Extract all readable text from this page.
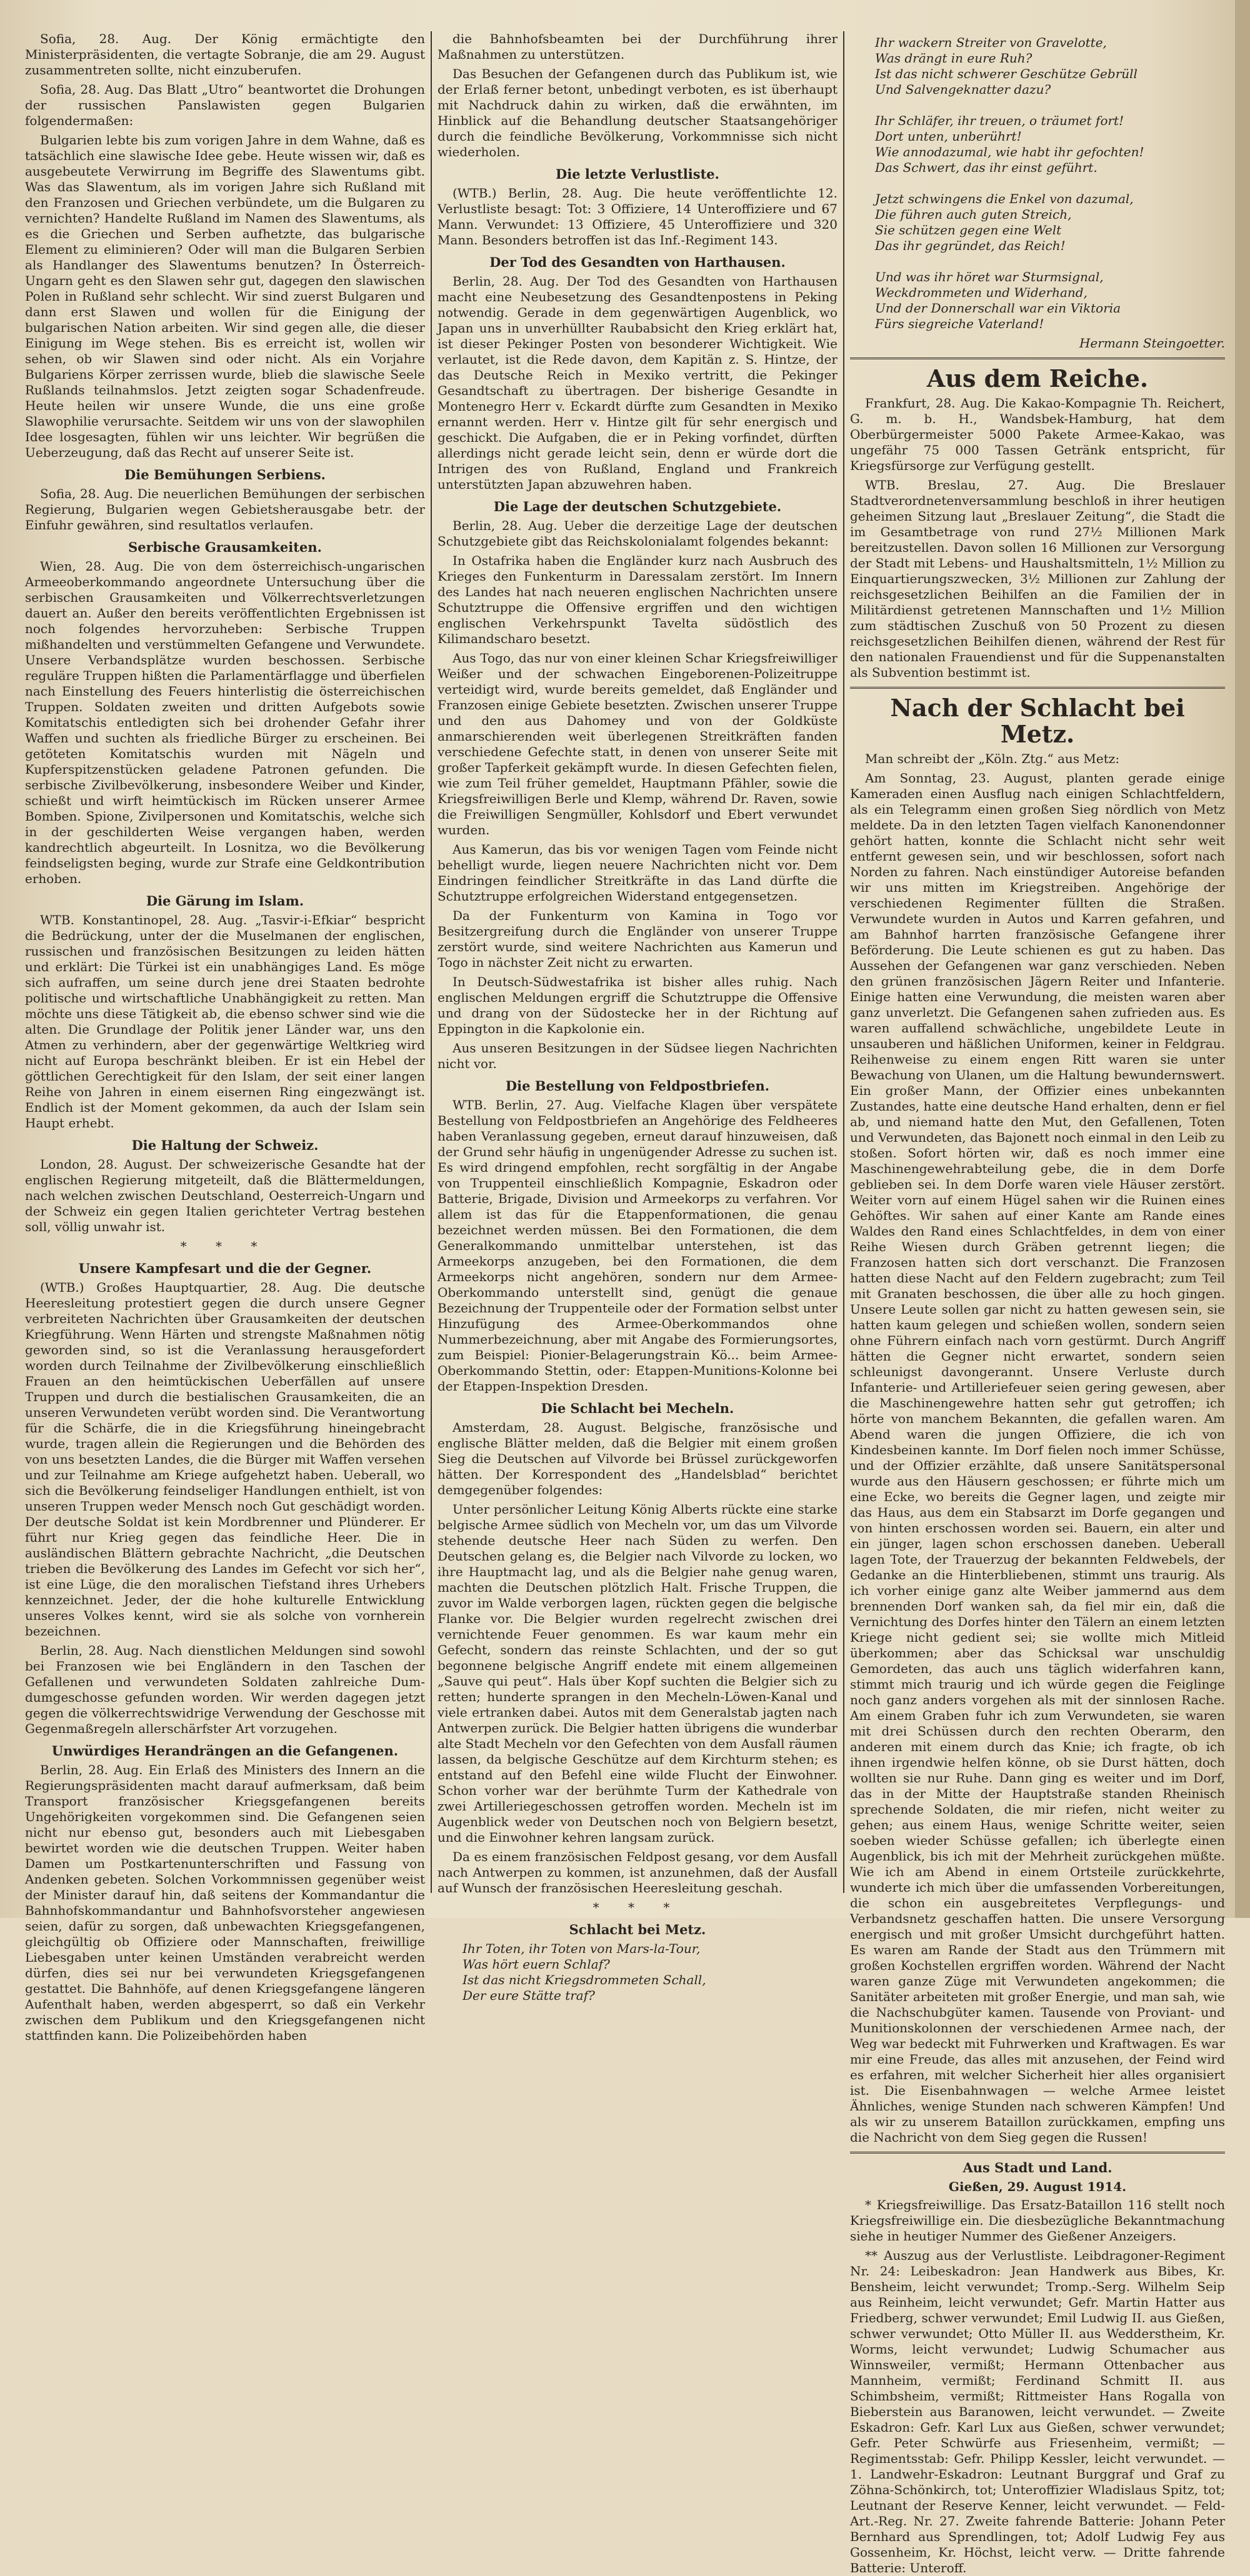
Sofia, 28. Aug. Der König ermächtigte den Ministerpräsidenten, die vertagte Sobranje, die am 29. August zusammentreten sollte, nicht einzuberufen.

Sofia, 28. Aug. Das Blatt „Utro“ beantwortet die Drohungen der russischen Panslawisten gegen Bulgarien folgendermaßen:

Bulgarien lebte bis zum vorigen Jahre in dem Wahne, daß es tatsächlich eine slawische Idee gebe. Heute wissen wir, daß es ausgebeutete Verwirrung im Begriffe des Slawentums gibt. Was das Slawentum, als im vorigen Jahre sich Rußland mit den Franzosen und Griechen verbündete, um die Bulgaren zu vernichten? Handelte Rußland im Namen des Slawentums, als es die Griechen und Serben aufhetzte, das bulgarische Element zu eliminieren? Oder will man die Bulgaren Serbien als Handlanger des Slawentums benutzen? In Österreich-Ungarn geht es den Slawen sehr gut, dagegen den slawischen Polen in Rußland sehr schlecht. Wir sind zuerst Bulgaren und dann erst Slawen und wollen für die Einigung der bulgarischen Nation arbeiten. Wir sind gegen alle, die dieser Einigung im Wege stehen. Bis es erreicht ist, wollen wir sehen, ob wir Slawen sind oder nicht. Als ein Vorjahre Bulgariens Körper zerrissen wurde, blieb die slawische Seele Rußlands teilnahmslos. Jetzt zeigten sogar Schadenfreude. Heute heilen wir unsere Wunde, die uns eine große Slawophilie verursachte. Seitdem wir uns von der slawophilen Idee losgesagten, fühlen wir uns leichter. Wir begrüßen die Ueberzeugung, daß das Recht auf unserer Seite ist.

Die Bemühungen Serbiens.

Sofia, 28. Aug. Die neuerlichen Bemühungen der serbischen Regierung, Bulgarien wegen Gebietsherausgabe betr. der Einfuhr gewähren, sind resultatlos verlaufen.

Serbische Grausamkeiten.

Wien, 28. Aug. Die von dem österreichisch-ungarischen Armeeoberkommando angeordnete Untersuchung über die serbischen Grausamkeiten und Völkerrechtsverletzungen dauert an. Außer den bereits veröffentlichten Ergebnissen ist noch folgendes hervorzuheben: Serbische Truppen mißhandelten und verstümmelten Gefangene und Verwundete. Unsere Verbandsplätze wurden beschossen. Serbische reguläre Truppen hißten die Parlamentärflagge und überfielen nach Einstellung des Feuers hinterlistig die österreichischen Truppen. Soldaten zweiten und dritten Aufgebots sowie Komitatschis entledigten sich bei drohender Gefahr ihrer Waffen und suchten als friedliche Bürger zu erscheinen. Bei getöteten Komitatschis wurden mit Nägeln und Kupferspitzenstücken geladene Patronen gefunden. Die serbische Zivilbevölkerung, insbesondere Weiber und Kinder, schießt und wirft heimtückisch im Rücken unserer Armee Bomben. Spione, Zivilpersonen und Komitatschis, welche sich in der geschilderten Weise vergangen haben, werden kandrechtlich abgeurteilt. In Losnitza, wo die Bevölkerung feindseligsten beging, wurde zur Strafe eine Geldkontribution erhoben.

Die Gärung im Islam.

WTB. Konstantinopel, 28. Aug. „Tasvir-i-Efkiar“ bespricht die Bedrückung, unter der die Muselmanen der englischen, russischen und französischen Besitzungen zu leiden hätten und erklärt: Die Türkei ist ein unabhängiges Land. Es möge sich aufraffen, um seine durch jene drei Staaten bedrohte politische und wirtschaftliche Unabhängigkeit zu retten. Man möchte uns diese Tätigkeit ab, die ebenso schwer sind wie die alten. Die Grundlage der Politik jener Länder war, uns den Atmen zu verhindern, aber der gegenwärtige Weltkrieg wird nicht auf Europa beschränkt bleiben. Er ist ein Hebel der göttlichen Gerechtigkeit für den Islam, der seit einer langen Reihe von Jahren in einem eisernen Ring eingezwängt ist. Endlich ist der Moment gekommen, da auch der Islam sein Haupt erhebt.

Die Haltung der Schweiz.

London, 28. August. Der schweizerische Gesandte hat der englischen Regierung mitgeteilt, daß die Blättermeldungen, nach welchen zwischen Deutschland, Oesterreich-Ungarn und der Schweiz ein gegen Italien gerichteter Vertrag bestehen soll, völlig unwahr ist.

* * *
Unsere Kampfesart und die der Gegner.

(WTB.) Großes Hauptquartier, 28. Aug. Die deutsche Heeresleitung protestiert gegen die durch unsere Gegner verbreiteten Nachrichten über Grausamkeiten der deutschen Kriegführung. Wenn Härten und strengste Maßnahmen nötig geworden sind, so ist die Veranlassung herausgefordert worden durch Teilnahme der Zivilbevölkerung einschließlich Frauen an den heimtückischen Ueberfällen auf unsere Truppen und durch die bestialischen Grausamkeiten, die an unseren Verwundeten verübt worden sind. Die Verantwortung für die Schärfe, die in die Kriegsführung hineingebracht wurde, tragen allein die Regierungen und die Behörden des von uns besetzten Landes, die die Bürger mit Waffen versehen und zur Teilnahme am Kriege aufgehetzt haben. Ueberall, wo sich die Bevölkerung feindseliger Handlungen enthielt, ist von unseren Truppen weder Mensch noch Gut geschädigt worden. Der deutsche Soldat ist kein Mordbrenner und Plünderer. Er führt nur Krieg gegen das feindliche Heer. Die in ausländischen Blättern gebrachte Nachricht, „die Deutschen trieben die Bevölkerung des Landes im Gefecht vor sich her“, ist eine Lüge, die den moralischen Tiefstand ihres Urhebers kennzeichnet. Jeder, der die hohe kulturelle Entwicklung unseres Volkes kennt, wird sie als solche von vornherein bezeichnen.

Berlin, 28. Aug. Nach dienstlichen Meldungen sind sowohl bei Franzosen wie bei Engländern in den Taschen der Gefallenen und verwundeten Soldaten zahlreiche Dum-dumgeschosse gefunden worden. Wir werden dagegen jetzt gegen die völkerrechtswidrige Verwendung der Geschosse mit Gegenmaßregeln allerschärfster Art vorzugehen.

Unwürdiges Herandrängen an die Gefangenen.

Berlin, 28. Aug. Ein Erlaß des Ministers des Innern an die Regierungspräsidenten macht darauf aufmerksam, daß beim Transport französischer Kriegsgefangenen bereits Ungehörigkeiten vorgekommen sind. Die Gefangenen seien nicht nur ebenso gut, besonders auch mit Liebesgaben bewirtet worden wie die deutschen Truppen. Weiter haben Damen um Postkartenunterschriften und Fassung von Andenken gebeten. Solchen Vorkommnissen gegenüber weist der Minister darauf hin, daß seitens der Kommandantur die Bahnhofskommandantur und Bahnhofsvorsteher angewiesen seien, dafür zu sorgen, daß unbewachten Kriegsgefangenen, gleichgültig ob Offiziere oder Mannschaften, freiwillige Liebesgaben unter keinen Umständen verabreicht werden dürfen, dies sei nur bei verwundeten Kriegsgefangenen gestattet. Die Bahnhöfe, auf denen Kriegsgefangene längeren Aufenthalt haben, werden abgesperrt, so daß ein Verkehr zwischen dem Publikum und den Kriegsgefangenen nicht stattfinden kann. Die Polizeibehörden haben

die Bahnhofsbeamten bei der Durchführung ihrer Maßnahmen zu unterstützen.

Das Besuchen der Gefangenen durch das Publikum ist, wie der Erlaß ferner betont, unbedingt verboten, es ist überhaupt mit Nachdruck dahin zu wirken, daß die erwähnten, im Hinblick auf die Behandlung deutscher Staatsangehöriger durch die feindliche Bevölkerung, Vorkommnisse sich nicht wiederholen.

Die letzte Verlustliste.

(WTB.) Berlin, 28. Aug. Die heute veröffentlichte 12. Verlustliste besagt: Tot: 3 Offiziere, 14 Unteroffiziere und 67 Mann. Verwundet: 13 Offiziere, 45 Unteroffiziere und 320 Mann. Besonders betroffen ist das Inf.-Regiment 143.

Der Tod des Gesandten von Harthausen.

Berlin, 28. Aug. Der Tod des Gesandten von Harthausen macht eine Neubesetzung des Gesandtenpostens in Peking notwendig. Gerade in dem gegenwärtigen Augenblick, wo Japan uns in unverhüllter Raubabsicht den Krieg erklärt hat, ist dieser Pekinger Posten von besonderer Wichtigkeit. Wie verlautet, ist die Rede davon, dem Kapitän z. S. Hintze, der das Deutsche Reich in Mexiko vertritt, die Pekinger Gesandtschaft zu übertragen. Der bisherige Gesandte in Montenegro Herr v. Eckardt dürfte zum Gesandten in Mexiko ernannt werden. Herr v. Hintze gilt für sehr energisch und geschickt. Die Aufgaben, die er in Peking vorfindet, dürften allerdings nicht gerade leicht sein, denn er würde dort die Intrigen des von Rußland, England und Frankreich unterstützten Japan abzuwehren haben.

Die Lage der deutschen Schutzgebiete.

Berlin, 28. Aug. Ueber die derzeitige Lage der deutschen Schutzgebiete gibt das Reichskolonialamt folgendes bekannt:

In Ostafrika haben die Engländer kurz nach Ausbruch des Krieges den Funkenturm in Daressalam zerstört. Im Innern des Landes hat nach neueren englischen Nachrichten unsere Schutztruppe die Offensive ergriffen und den wichtigen englischen Verkehrspunkt Tavelta südöstlich des Kilimandscharo besetzt.

Aus Togo, das nur von einer kleinen Schar Kriegsfreiwilliger Weißer und der schwachen Eingeborenen-Polizeitruppe verteidigt wird, wurde bereits gemeldet, daß Engländer und Franzosen einige Gebiete besetzten. Zwischen unserer Truppe und den aus Dahomey und von der Goldküste anmarschierenden weit überlegenen Streitkräften fanden verschiedene Gefechte statt, in denen von unserer Seite mit großer Tapferkeit gekämpft wurde. In diesen Gefechten fielen, wie zum Teil früher gemeldet, Hauptmann Pfähler, sowie die Kriegsfreiwilligen Berle und Klemp, während Dr. Raven, sowie die Freiwilligen Sengmüller, Kohlsdorf und Ebert verwundet wurden.

Aus Kamerun, das bis vor wenigen Tagen vom Feinde nicht behelligt wurde, liegen neuere Nachrichten nicht vor. Dem Eindringen feindlicher Streitkräfte in das Land dürfte die Schutztruppe erfolgreichen Widerstand entgegensetzen.

Da der Funkenturm von Kamina in Togo vor Besitzergreifung durch die Engländer von unserer Truppe zerstört wurde, sind weitere Nachrichten aus Kamerun und Togo in nächster Zeit nicht zu erwarten.

In Deutsch-Südwestafrika ist bisher alles ruhig. Nach englischen Meldungen ergriff die Schutztruppe die Offensive und drang von der Südostecke her in der Richtung auf Eppington in die Kapkolonie ein.

Aus unseren Besitzungen in der Südsee liegen Nachrichten nicht vor.

Die Bestellung von Feldpostbriefen.

WTB. Berlin, 27. Aug. Vielfache Klagen über verspätete Bestellung von Feldpostbriefen an Angehörige des Feldheeres haben Veranlassung gegeben, erneut darauf hinzuweisen, daß der Grund sehr häufig in ungenügender Adresse zu suchen ist. Es wird dringend empfohlen, recht sorgfältig in der Angabe von Truppenteil einschließlich Kompagnie, Eskadron oder Batterie, Brigade, Division und Armeekorps zu verfahren. Vor allem ist das für die Etappenformationen, die genau bezeichnet werden müssen. Bei den Formationen, die dem Generalkommando unmittelbar unterstehen, ist das Armeekorps anzugeben, bei den Formationen, die dem Armeekorps nicht angehören, sondern nur dem Armee-Oberkommando unterstellt sind, genügt die genaue Bezeichnung der Truppenteile oder der Formation selbst unter Hinzufügung des Armee-Oberkommandos ohne Nummerbezeichnung, aber mit Angabe des Formierungsortes, zum Beispiel: Pionier-Belagerungstrain Kö... beim Armee-Oberkommando Stettin, oder: Etappen-Munitions-Kolonne bei der Etappen-Inspektion Dresden.

Die Schlacht bei Mecheln.

Amsterdam, 28. August. Belgische, französische und englische Blätter melden, daß die Belgier mit einem großen Sieg die Deutschen auf Vilvorde bei Brüssel zurückgeworfen hätten. Der Korrespondent des „Handelsblad“ berichtet demgegenüber folgendes:

Unter persönlicher Leitung König Alberts rückte eine starke belgische Armee südlich von Mecheln vor, um das um Vilvorde stehende deutsche Heer nach Süden zu werfen. Den Deutschen gelang es, die Belgier nach Vilvorde zu locken, wo ihre Hauptmacht lag, und als die Belgier nahe genug waren, machten die Deutschen plötzlich Halt. Frische Truppen, die zuvor im Walde verborgen lagen, rückten gegen die belgische Flanke vor. Die Belgier wurden regelrecht zwischen drei vernichtende Feuer genommen. Es war kaum mehr ein Gefecht, sondern das reinste Schlachten, und der so gut begonnene belgische Angriff endete mit einem allgemeinen „Sauve qui peut“. Hals über Kopf suchten die Belgier sich zu retten; hunderte sprangen in den Mecheln-Löwen-Kanal und viele ertranken dabei. Autos mit dem Generalstab jagten nach Antwerpen zurück. Die Belgier hatten übrigens die wunderbar alte Stadt Mecheln vor den Gefechten von dem Ausfall räumen lassen, da belgische Geschütze auf dem Kirchturm stehen; es entstand auf den Befehl eine wilde Flucht der Einwohner. Schon vorher war der berühmte Turm der Kathedrale von zwei Artilleriegeschossen getroffen worden. Mecheln ist im Augenblick weder von Deutschen noch von Belgiern besetzt, und die Einwohner kehren langsam zurück.

Da es einem französischen Feldpost gesang, vor dem Ausfall nach Antwerpen zu kommen, ist anzunehmen, daß der Ausfall auf Wunsch der französischen Heeresleitung geschah.

* * *
Schlacht bei Metz.
Ihr Toten, ihr Toten von Mars-la-Tour,
Was hört euern Schlaf?
Ist das nicht Kriegsdrommeten Schall,
Der eure Stätte traf?
Ihr wackern Streiter von Gravelotte,
Was drängt in eure Ruh?
Ist das nicht schwerer Geschütze Gebrüll
Und Salvengeknatter dazu?

Ihr Schläfer, ihr treuen, o träumet fort!
Dort unten, unberührt!
Wie annodazumal, wie habt ihr gefochten!
Das Schwert, das ihr einst geführt.

Jetzt schwingens die Enkel von dazumal,
Die führen auch guten Streich,
Sie schützen gegen eine Welt
Das ihr gegründet, das Reich!

Und was ihr höret war Sturmsignal,
Weckdrommeten und Widerhand,
Und der Donnerschall war ein Viktoria
Fürs siegreiche Vaterland!
Hermann Steingoetter.
Aus dem Reiche.

Frankfurt, 28. Aug. Die Kakao-Kompagnie Th. Reichert, G. m. b. H., Wandsbek-Hamburg, hat dem Oberbürgermeister 5000 Pakete Armee-Kakao, was ungefähr 75 000 Tassen Getränk entspricht, für Kriegsfürsorge zur Verfügung gestellt.

WTB. Breslau, 27. Aug. Die Breslauer Stadtverordnetenversammlung beschloß in ihrer heutigen geheimen Sitzung laut „Breslauer Zeitung“, die Stadt die im Gesamtbetrage von rund 27½ Millionen Mark bereitzustellen. Davon sollen 16 Millionen zur Versorgung der Stadt mit Lebens- und Haushaltsmitteln, 1½ Million zu Einquartierungszwecken, 3½ Millionen zur Zahlung der reichsgesetzlichen Beihilfen an die Familien der in Militärdienst getretenen Mannschaften und 1½ Million zum städtischen Zuschuß von 50 Prozent zu diesen reichsgesetzlichen Beihilfen dienen, während der Rest für den nationalen Frauendienst und für die Suppenanstalten als Subvention bestimmt ist.

Nach der Schlacht bei Metz.

Man schreibt der „Köln. Ztg.“ aus Metz:

Am Sonntag, 23. August, planten gerade einige Kameraden einen Ausflug nach einigen Schlachtfeldern, als ein Telegramm einen großen Sieg nördlich von Metz meldete. Da in den letzten Tagen vielfach Kanonendonner gehört hatten, konnte die Schlacht nicht sehr weit entfernt gewesen sein, und wir beschlossen, sofort nach Norden zu fahren. Nach einstündiger Autoreise befanden wir uns mitten im Kriegstreiben. Angehörige der verschiedenen Regimenter füllten die Straßen. Verwundete wurden in Autos und Karren gefahren, und am Bahnhof harrten französische Gefangene ihrer Beförderung. Die Leute schienen es gut zu haben. Das Aussehen der Gefangenen war ganz verschieden. Neben den grünen französischen Jägern Reiter und Infanterie. Einige hatten eine Verwundung, die meisten waren aber ganz unverletzt. Die Gefangenen sahen zufrieden aus. Es waren auffallend schwächliche, ungebildete Leute in unsauberen und häßlichen Uniformen, keiner in Feldgrau. Reihenweise zu einem engen Ritt waren sie unter Bewachung von Ulanen, um die Haltung bewundernswert. Ein großer Mann, der Offizier eines unbekannten Zustandes, hatte eine deutsche Hand erhalten, denn er fiel ab, und niemand hatte den Mut, den Gefallenen, Toten und Verwundeten, das Bajonett noch einmal in den Leib zu stoßen. Sofort hörten wir, daß es noch immer eine Maschinengewehrabteilung gebe, die in dem Dorfe geblieben sei. In dem Dorfe waren viele Häuser zerstört. Weiter vorn auf einem Hügel sahen wir die Ruinen eines Gehöftes. Wir sahen auf einer Kante am Rande eines Waldes den Rand eines Schlachtfeldes, in dem von einer Reihe Wiesen durch Gräben getrennt liegen; die Franzosen hatten sich dort verschanzt. Die Franzosen hatten diese Nacht auf den Feldern zugebracht; zum Teil mit Granaten beschossen, die über alle zu hoch gingen. Unsere Leute sollen gar nicht zu hatten gewesen sein, sie hatten kaum gelegen und schießen wollen, sondern seien ohne Führern einfach nach vorn gestürmt. Durch Angriff hätten die Gegner nicht erwartet, sondern seien schleunigst davongerannt. Unsere Verluste durch Infanterie- und Artilleriefeuer seien gering gewesen, aber die Maschinengewehre hatten sehr gut getroffen; ich hörte von manchem Bekannten, die gefallen waren. Am Abend waren die jungen Offiziere, die ich von Kindesbeinen kannte. Im Dorf fielen noch immer Schüsse, und der Offizier erzählte, daß unsere Sanitätspersonal wurde aus den Häusern geschossen; er führte mich um eine Ecke, wo bereits die Gegner lagen, und zeigte mir das Haus, aus dem ein Stabsarzt im Dorfe gegangen und von hinten erschossen worden sei. Bauern, ein alter und ein jünger, lagen schon erschossen daneben. Ueberall lagen Tote, der Trauerzug der bekannten Feldwebels, der Gedanke an die Hinterbliebenen, stimmt uns traurig. Als ich vorher einige ganz alte Weiber jammernd aus dem brennenden Dorf wanken sah, da fiel mir ein, daß die Vernichtung des Dorfes hinter den Tälern an einem letzten Kriege nicht gedient sei; sie wollte mich Mitleid überkommen; aber das Schicksal war unschuldig Gemordeten, das auch uns täglich widerfahren kann, stimmt mich traurig und ich würde gegen die Feiglinge noch ganz anders vorgehen als mit der sinnlosen Rache. Am einem Graben fuhr ich zum Verwundeten, sie waren mit drei Schüssen durch den rechten Oberarm, den anderen mit einem durch das Knie; ich fragte, ob ich ihnen irgendwie helfen könne, ob sie Durst hätten, doch wollten sie nur Ruhe. Dann ging es weiter und im Dorf, das in der Mitte der Hauptstraße standen Rheinisch sprechende Soldaten, die mir riefen, nicht weiter zu gehen; aus einem Haus, wenige Schritte weiter, seien soeben wieder Schüsse gefallen; ich überlegte einen Augenblick, bis ich mit der Mehrheit zurückgehen müßte. Wie ich am Abend in einem Ortsteile zurückkehrte, wunderte ich mich über die umfassenden Vorbereitungen, die schon ein ausgebreitetes Verpflegungs- und Verbandsnetz geschaffen hatten. Die unsere Versorgung energisch und mit großer Umsicht durchgeführt hatten. Es waren am Rande der Stadt aus den Trümmern mit großen Kochstellen ergriffen worden. Während der Nacht waren ganze Züge mit Verwundeten angekommen; die Sanitäter arbeiteten mit großer Energie, und man sah, wie die Nachschubgüter kamen. Tausende von Proviant- und Munitionskolonnen der verschiedenen Armee nach, der Weg war bedeckt mit Fuhrwerken und Kraftwagen. Es war mir eine Freude, das alles mit anzusehen, der Feind wird es erfahren, mit welcher Sicherheit hier alles organisiert ist. Die Eisenbahnwagen — welche Armee leistet Ähnliches, wenige Stunden nach schweren Kämpfen! Und als wir zu unserem Bataillon zurückkamen, empfing uns die Nachricht von dem Sieg gegen die Russen!

Aus Stadt und Land.
Gießen, 29. August 1914.

* Kriegsfreiwillige. Das Ersatz-Bataillon 116 stellt noch Kriegsfreiwillige ein. Die diesbezügliche Bekanntmachung siehe in heutiger Nummer des Gießener Anzeigers.

** Auszug aus der Verlustliste. Leibdragoner-Regiment Nr. 24: Leibeskadron: Jean Handwerk aus Bibes, Kr. Bensheim, leicht verwundet; Tromp.-Serg. Wilhelm Seip aus Reinheim, leicht verwundet; Gefr. Martin Hatter aus Friedberg, schwer verwundet; Emil Ludwig II. aus Gießen, schwer verwundet; Otto Müller II. aus Wedderstheim, Kr. Worms, leicht verwundet; Ludwig Schumacher aus Winnsweiler, vermißt; Hermann Ottenbacher aus Mannheim, vermißt; Ferdinand Schmitt II. aus Schimbsheim, vermißt; Rittmeister Hans Rogalla von Bieberstein aus Baranowen, leicht verwundet. — Zweite Eskadron: Gefr. Karl Lux aus Gießen, schwer verwundet; Gefr. Peter Schwürfe aus Friesenheim, vermißt; — Regimentsstab: Gefr. Philipp Kessler, leicht verwundet. — 1. Landwehr-Eskadron: Leutnant Burggraf und Graf zu Zöhna-Schönkirch, tot; Unteroffizier Wladislaus Spitz, tot; Leutnant der Reserve Kenner, leicht verwundet. — Feld-Art.-Reg. Nr. 27. Zweite fahrende Batterie: Johann Peter Bernhard aus Sprendlingen, tot; Adolf Ludwig Fey aus Gossenheim, Kr. Höchst, leicht verw. — Dritte fahrende Batterie: Unteroff.
